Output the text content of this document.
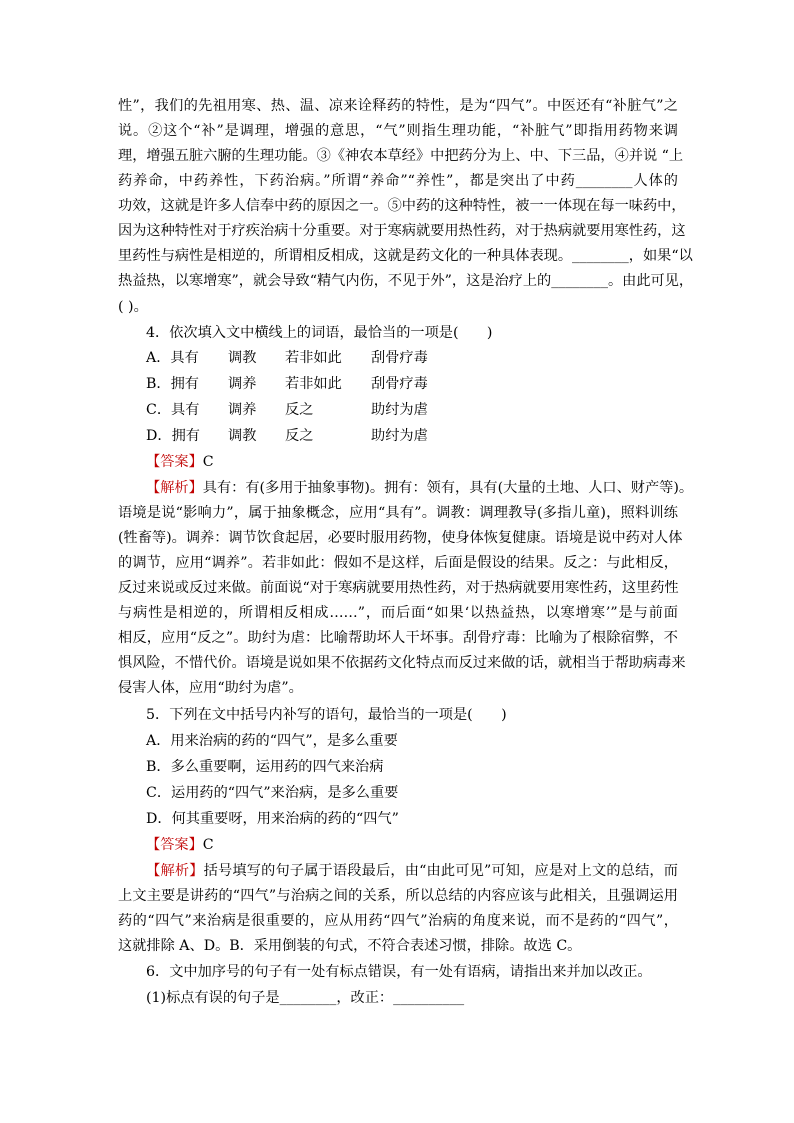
性”，我们的先祖用寒、热、温、凉来诠释药的特性，是为“四气”。中医还有“补脏气”之
说。②这个“补”是调理，增强的意思，“气”则指生理功能，“补脏气”即指用药物来调
理，增强五脏六腑的生理功能。③《神农本草经》中把药分为上、中、下三品，④并说 “上
药养命，中药养性，下药治病。”所谓“养命”“养性”，都是突出了中药________人体的
功效，这就是许多人信奉中药的原因之一。⑤中药的这种特性，被一一体现在每一味药中，
因为这种特性对于疗疾治病十分重要。对于寒病就要用热性药，对于热病就要用寒性药，这
里药性与病性是相逆的，所谓相反相成，这就是药文化的一种具体表现。________，如果“以
热益热，以寒增寒”，就会导致“精气内伤，不见于外”，这是治疗上的________。由此可见，
( )。
4．依次填入文中横线上的词语，最恰当的一项是(　　)
A．具有 调教 若非如此 刮骨疗毒
B．拥有 调养 若非如此 刮骨疗毒
C．具有 调养 反之	助纣为虐
D．拥有 调教 反之	助纣为虐
【答案】C
【解析】具有：有(多用于抽象事物)。拥有：领有，具有(大量的土地、人口、财产等)。
语境是说“影响力”，属于抽象概念，应用“具有”。调教：调理教导(多指儿童)，照料训练
(牲畜等)。调养：调节饮食起居，必要时服用药物，使身体恢复健康。语境是说中药对人体
的调节，应用“调养”。若非如此：假如不是这样，后面是假设的结果。反之：与此相反，
反过来说或反过来做。前面说“对于寒病就要用热性药，对于热病就要用寒性药，这里药性
与病性是相逆的，所谓相反相成……”，而后面“如果‘以热益热，以寒增寒’”是与前面
相反，应用“反之”。助纣为虐：比喻帮助坏人干坏事。刮骨疗毒：比喻为了根除宿弊，不
惧风险，不惜代价。语境是说如果不依据药文化特点而反过来做的话，就相当于帮助病毒来
侵害人体，应用“助纣为虐”。
5．下列在文中括号内补写的语句，最恰当的一项是(　　)
A．用来治病的药的“四气”，是多么重要
B．多么重要啊，运用药的四气来治病
C．运用药的“四气”来治病，是多么重要
D．何其重要呀，用来治病的药的“四气”
【答案】C
【解析】括号填写的句子属于语段最后，由“由此可见”可知，应是对上文的总结，而
上文主要是讲药的“四气”与治病之间的关系，所以总结的内容应该与此相关，且强调运用
药的“四气”来治病是很重要的，应从用药“四气”治病的角度来说，而不是药的“四气”，
这就排除 A、D。B．采用倒装的句式，不符合表述习惯，排除。故选 C。
6．文中加序号的句子有一处有标点错误，有一处有语病，请指出来并加以改正。
(1)标点有误的句子是________，改正：__________
